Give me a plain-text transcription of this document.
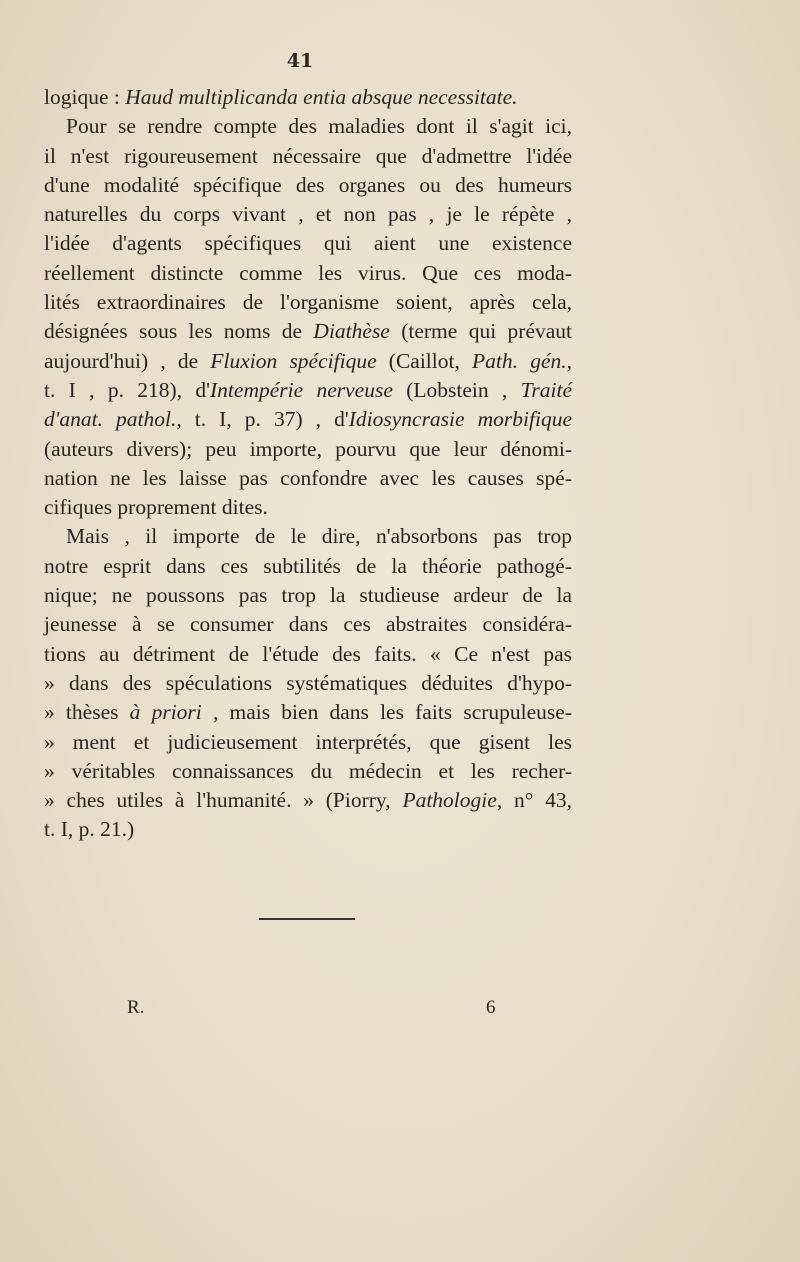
41
logique : Haud multiplicanda entia absque necessitate.
Pour se rendre compte des maladies dont il s'agit ici,
il n'est rigoureusement nécessaire que d'admettre l'idée
d'une modalité spécifique des organes ou des humeurs
naturelles du corps vivant , et non pas , je le répète ,
l'idée d'agents spécifiques qui aient une existence
réellement distincte comme les virus. Que ces moda-
lités extraordinaires de l'organisme soient, après cela,
désignées sous les noms de Diathèse (terme qui prévaut
aujourd'hui) , de Fluxion spécifique (Caillot, Path. gén.,
t. I , p. 218), d'Intempérie nerveuse (Lobstein , Traité
d'anat. pathol., t. I, p. 37) , d'Idiosyncrasie morbifique
(auteurs divers); peu importe, pourvu que leur dénomi-
nation ne les laisse pas confondre avec les causes spé-
cifiques proprement dites.
Mais , il importe de le dire, n'absorbons pas trop
notre esprit dans ces subtilités de la théorie pathogé-
nique; ne poussons pas trop la studieuse ardeur de la
jeunesse à se consumer dans ces abstraites considéra-
tions au détriment de l'étude des faits. « Ce n'est pas
» dans des spéculations systématiques déduites d'hypo-
» thèses à priori , mais bien dans les faits scrupuleuse-
» ment et judicieusement interprétés, que gisent les
» véritables connaissances du médecin et les recher-
» ches utiles à l'humanité. » (Piorry, Pathologie, n° 43,
t. I, p. 21.)
R.	6
